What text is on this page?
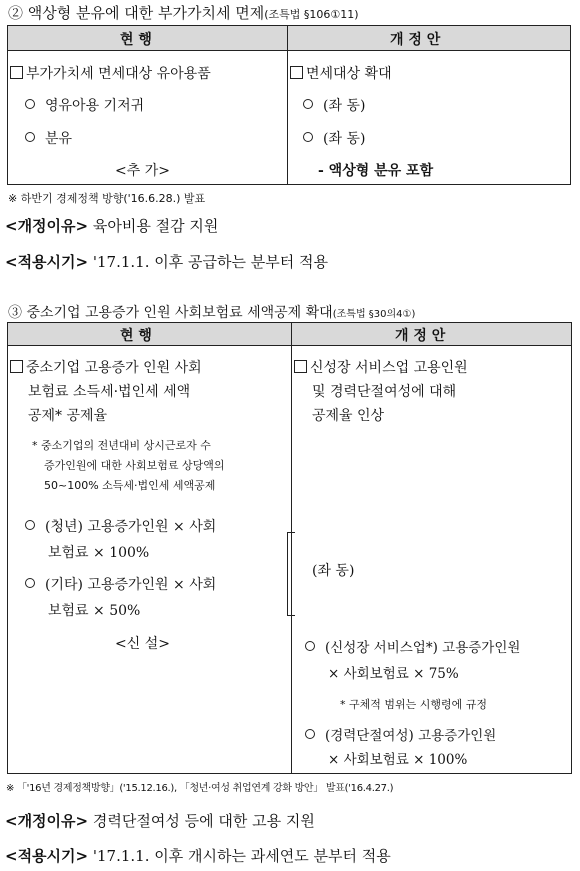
② 액상형 분유에 대한 부가가치세 면제(조특법 §106①11)
현 행	개 정 안
부가가치세 면세대상 유아용품
영유아용 기저귀
분유
<추 가>
면세대상 확대
(좌 동)
(좌 동)
- 액상형 분유 포함
※ 하반기 경제정책 방향('16.6.28.) 발표
<개정이유> 육아비용 절감 지원
<적용시기> '17.1.1. 이후 공급하는 분부터 적용
③ 중소기업 고용증가 인원 사회보험료 세액공제 확대(조특법 §30의4①)
현 행	개 정 안
중소기업 고용증가 인원 사회
보험료 소득세·법인세 세액
공제* 공제율
* 중소기업의 전년대비 상시근로자 수
증가인원에 대한 사회보험료 상당액의
50~100% 소득세·법인세 세액공제
(청년) 고용증가인원 × 사회
보험료 × 100%
(기타) 고용증가인원 × 사회
보험료 × 50%
<신 설>
신성장 서비스업 고용인원
및 경력단절여성에 대해
공제율 인상
(좌 동)
(신성장 서비스업*) 고용증가인원
× 사회보험료 × 75%
* 구체적 범위는 시행령에 규정
(경력단절여성) 고용증가인원
× 사회보험료 × 100%
※ 「'16년 경제정책방향」('15.12.16.), 「청년·여성 취업연계 강화 방안」 발표('16.4.27.)
<개정이유> 경력단절여성 등에 대한 고용 지원
<적용시기> '17.1.1. 이후 개시하는 과세연도 분부터 적용
